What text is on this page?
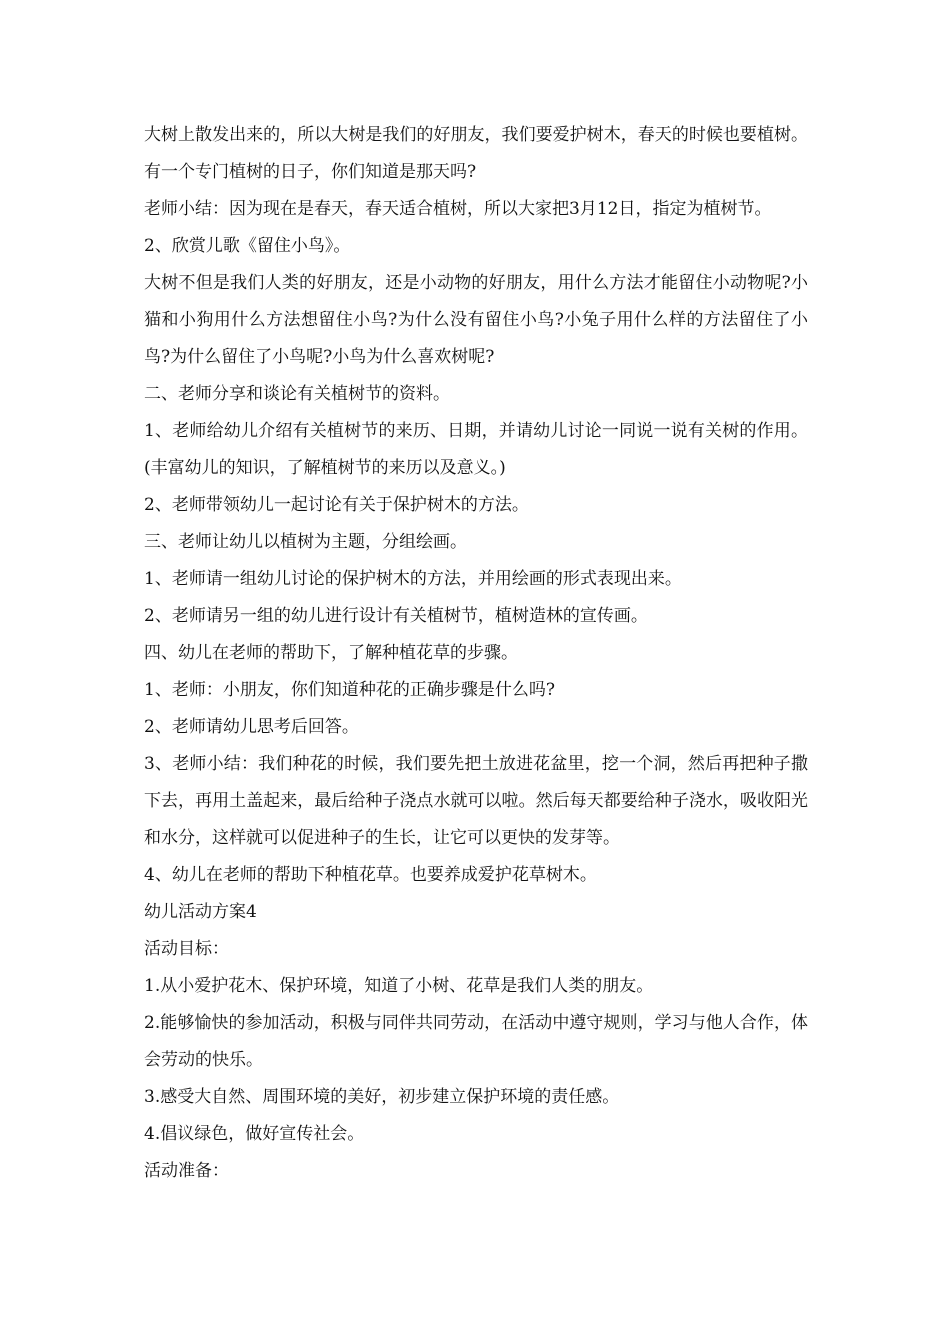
大树上散发出来的，所以大树是我们的好朋友，我们要爱护树木，春天的时候也要植树。有一个专门植树的日子，你们知道是那天吗?

老师小结：因为现在是春天，春天适合植树，所以大家把3月12日，指定为植树节。

2、欣赏儿歌《留住小鸟》。

大树不但是我们人类的好朋友，还是小动物的好朋友，用什么方法才能留住小动物呢?小猫和小狗用什么方法想留住小鸟?为什么没有留住小鸟?小兔子用什么样的方法留住了小鸟?为什么留住了小鸟呢?小鸟为什么喜欢树呢?

二、老师分享和谈论有关植树节的资料。

1、老师给幼儿介绍有关植树节的来历、日期，并请幼儿讨论一同说一说有关树的作用。(丰富幼儿的知识，了解植树节的来历以及意义。)

2、老师带领幼儿一起讨论有关于保护树木的方法。

三、老师让幼儿以植树为主题，分组绘画。

1、老师请一组幼儿讨论的保护树木的方法，并用绘画的形式表现出来。

2、老师请另一组的幼儿进行设计有关植树节，植树造林的宣传画。

四、幼儿在老师的帮助下，了解种植花草的步骤。

1、老师：小朋友，你们知道种花的正确步骤是什么吗?

2、老师请幼儿思考后回答。

3、老师小结：我们种花的时候，我们要先把土放进花盆里，挖一个洞，然后再把种子撒下去，再用土盖起来，最后给种子浇点水就可以啦。然后每天都要给种子浇水，吸收阳光和水分，这样就可以促进种子的生长，让它可以更快的发芽等。

4、幼儿在老师的帮助下种植花草。也要养成爱护花草树木。

幼儿活动方案4

活动目标：

1.从小爱护花木、保护环境，知道了小树、花草是我们人类的朋友。

2.能够愉快的参加活动，积极与同伴共同劳动，在活动中遵守规则，学习与他人合作，体会劳动的快乐。

3.感受大自然、周围环境的美好，初步建立保护环境的责任感。

4.倡议绿色，做好宣传社会。

活动准备：
